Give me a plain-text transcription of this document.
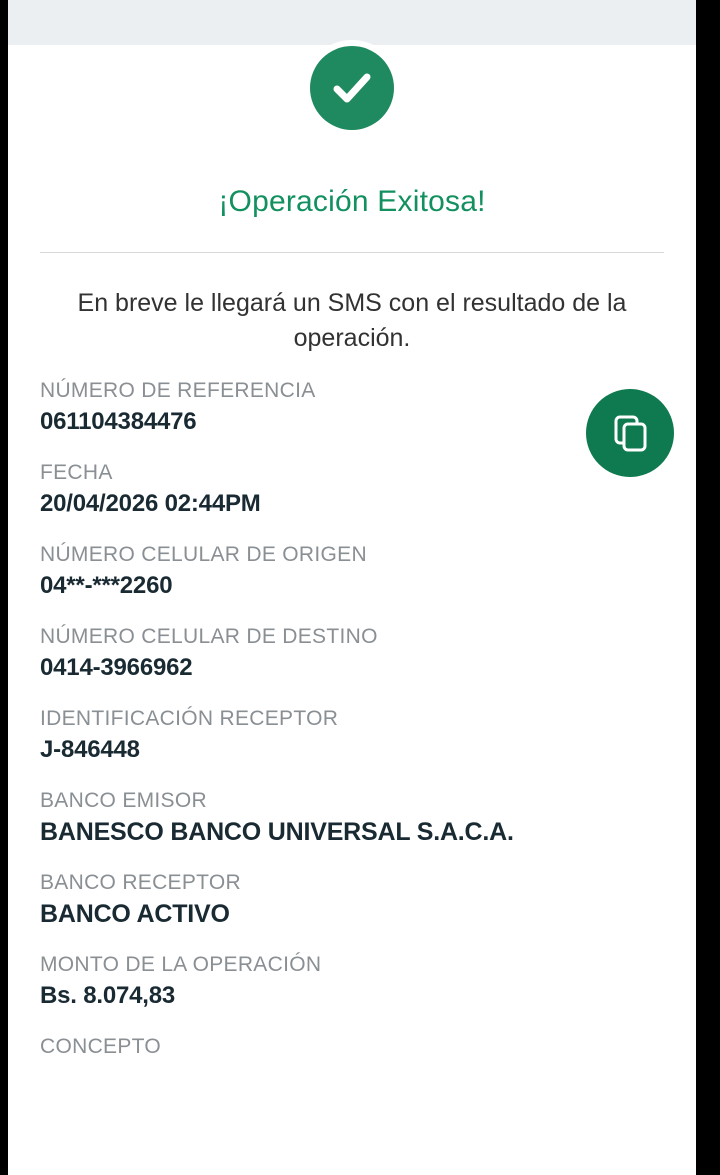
¡Operación Exitosa!
En breve le llegará un SMS con el resultado de la operación.
NÚMERO DE REFERENCIA
061104384476
FECHA
20/04/2026 02:44PM
NÚMERO CELULAR DE ORIGEN
04**-***2260
NÚMERO CELULAR DE DESTINO
0414-3966962
IDENTIFICACIÓN RECEPTOR
J-846448
BANCO EMISOR
BANESCO BANCO UNIVERSAL S.A.C.A.
BANCO RECEPTOR
BANCO ACTIVO
MONTO DE LA OPERACIÓN
Bs. 8.074,83
CONCEPTO
